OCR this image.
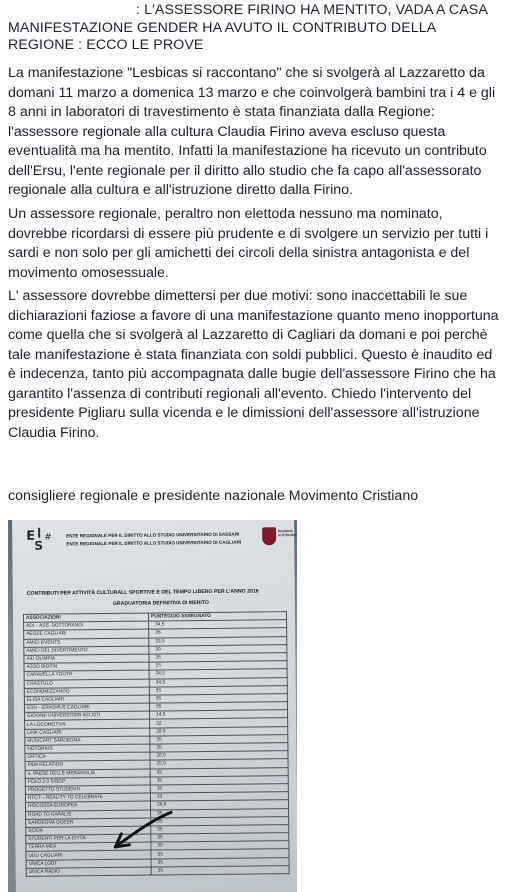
: L'ASSESSORE FIRINO HA MENTITO, VADA A CASA
MANIFESTAZIONE GENDER HA AVUTO IL CONTRIBUTO DELLA
REGIONE : ECCO LE PROVE

La manifestazione "Lesbicas si raccontano" che si svolgerà al Lazzaretto da domani 11 marzo a domenica 13 marzo e che coinvolgerà bambini tra i 4 e gli 8 anni in laboratori di travestimento è stata finanziata dalla Regione: l'assessore regionale alla cultura Claudia Firino aveva escluso questa eventualità ma ha mentito. Infatti la manifestazione ha ricevuto un contributo dell'Ersu, l'ente regionale per il diritto allo studio che fa capo all'assessorato regionale alla cultura e all'istruzione diretto dalla Firino.

Un assessore regionale, peraltro non elettoda nessuno ma nominato, dovrebbe ricordarsi di essere più prudente e di svolgere un servizio per tutti i sardi e non solo per gli amichetti dei circoli della sinistra antagonista e del movimento omosessuale.

L' assessore dovrebbe dimettersi per due motivi: sono inaccettabili le sue dichiarazioni faziose a favore di una manifestazione quanto meno inopportuna come quella che si svolgerà al Lazzaretto di Cagliari da domani e poi perchè tale manifestazione è stata finanziata con soldi pubblici. Questo è inaudito ed è indecenza, tanto più accompagnata dalle bugie dell'assessore Firino che ha garantito l'assenza di contributi regionali all'evento. Chiedo l'intervento del presidente Pigliaru sulla vicenda e le dimissioni dell'assessore all'istruzione Claudia Firino.

consigliere regionale e presidente nazionale Movimento Cristiano
E
S
#	ENTE REGIONALE PER IL DIRITTO ALLO STUDIO UNIVERSITARIO DI SASSARI
ENTE REGIONALE PER IL DIRITTO ALLO STUDIO UNIVERSITARIO DI CAGLIARI
REGIONE AUTONOMA
CONTRIBUTI PER ATTIVITÀ CULTURALI, SPORTIVE E DEL TEMPO LIBERO PER L'ANNO 2016
GRADUATORIA DEFINITIVA DI MERITO
ASSOCIAZIONI	PUNTEGGIO ASSEGNATO
ADI – ASS. DOTTORANDI	34,5
AEGEE CAGLIARI	35
AMICI EVENTS	33,5
AMICI DEL DIVERTIMENTO	30
AID OLIMPIA	35
ASSO BIOTIN	15
CARAVELLA YOUTH	34,5
CRASTULO	34,5
ECONOMIZZANDO	35
ELISA CAGLIARI	35
ESN – ERASMUS CAGLIARI	35
GIOVANI UNIVERSITARI ACLISTI	14,5
LA LOCOMOTIVA	32
LINK CAGLIARI	29,5
MUSICART SARDEGNA	35
NOTORIUS	35
ORTICA	26,5
P&M RELATION	25,5
IL PAESE DELLE MERAVIGLIE	35
POLO 2.0 SISGP	35
PROGETTO STUDENTI	35
RTCT – REALITY TO CELEBRATE	33
RISCOSSA EUROPEA	26,5
ROAD TO KARALIS	35
SARDEGNA QUEER	35
SCIDA	35
STUDENTI PER LA CITTÀ	35
TERRA MEA	30
UDU CAGLIARI	35
UNICA LGBT	35
UNICA RADIO	35
